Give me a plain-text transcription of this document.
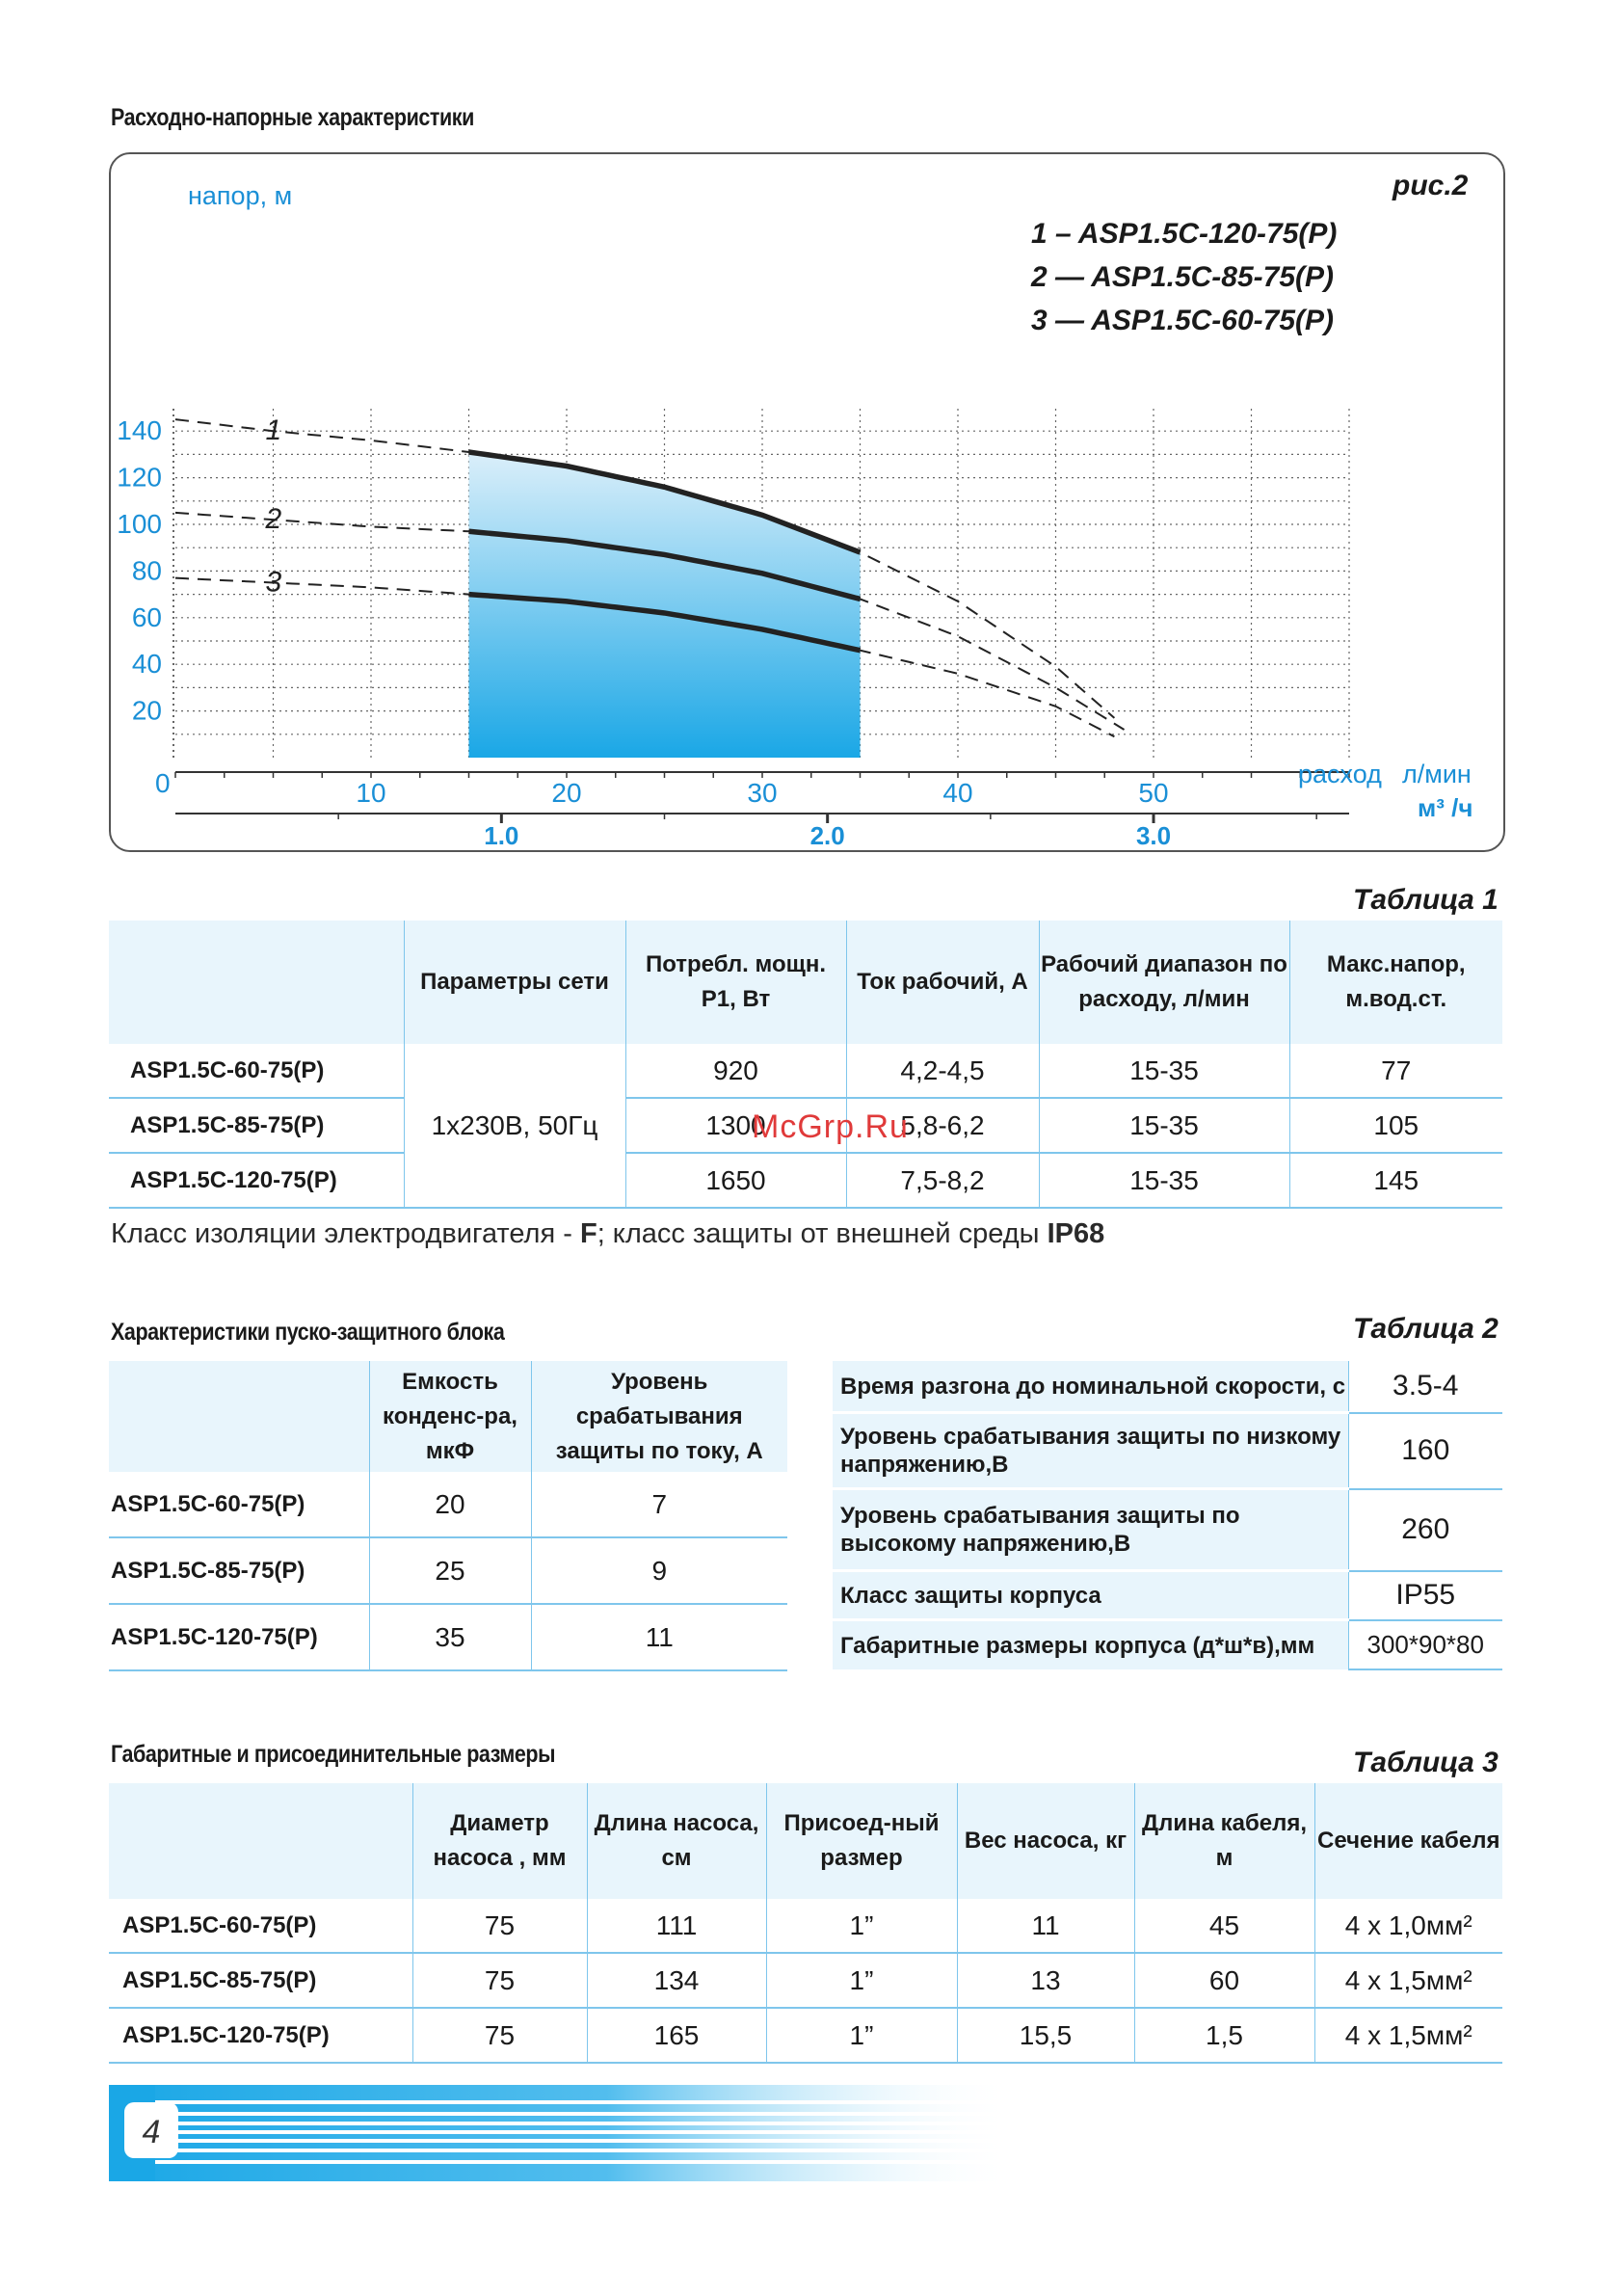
Расходно-напорные характеристики
1
2
3
20
40
60
80
100
120
140
10	20	30	40	50
1.0	2.0	3.0
рис.2
1 – ASP1.5C-120-75(P)
2 — ASP1.5C-85-75(P)
3 — ASP1.5C-60-75(P)
напор, м
расход л/мин
м³ /ч
0
Таблица 1
	Параметры сети	Потребл. мощн. Р1, Вт	Ток рабочий, А	Рабочий диапазон по расходу, л/мин	Макс.напор, м.вод.ст.
ASP1.5C-60-75(P)	1х230В, 50Гц	920	4,2-4,5	15-35	77
ASP1.5C-85-75(P)		1300	5,8-6,2	15-35	105
ASP1.5C-120-75(P)		1650	7,5-8,2	15-35	145
McGrp.Ru
Класс изоляции электродвигателя - F; класс защиты от внешней среды IP68
Характеристики пуско-защитного блока	Таблица 2
	Емкость конденс-ра, мкФ	Уровень срабатывания защиты по току, А
ASP1.5C-60-75(P)	20	7
ASP1.5C-85-75(P)	25	9
ASP1.5C-120-75(P)	35	11
Время разгона до номинальной скорости, с	3.5-4
Уровень срабатывания защиты по низкому напряжению,В	160
Уровень срабатывания защиты по высокому напряжению,В	260
Класс защиты корпуса	IP55
Габаритные размеры корпуса (д*ш*в),мм	300*90*80
Габаритные и присоединительные размеры	Таблица 3
	Диаметр насоса , мм	Длина насоса, см	Присоед-ный размер	Вес насоса, кг	Длина кабеля, м	Сечение кабеля
ASP1.5C-60-75(P)	75	111	1”	11	45	4 х 1,0мм²
ASP1.5C-85-75(P)	75	134	1”	13	60	4 х 1,5мм²
ASP1.5C-120-75(P)	75	165	1”	15,5	1,5	4 х 1,5мм²
4
